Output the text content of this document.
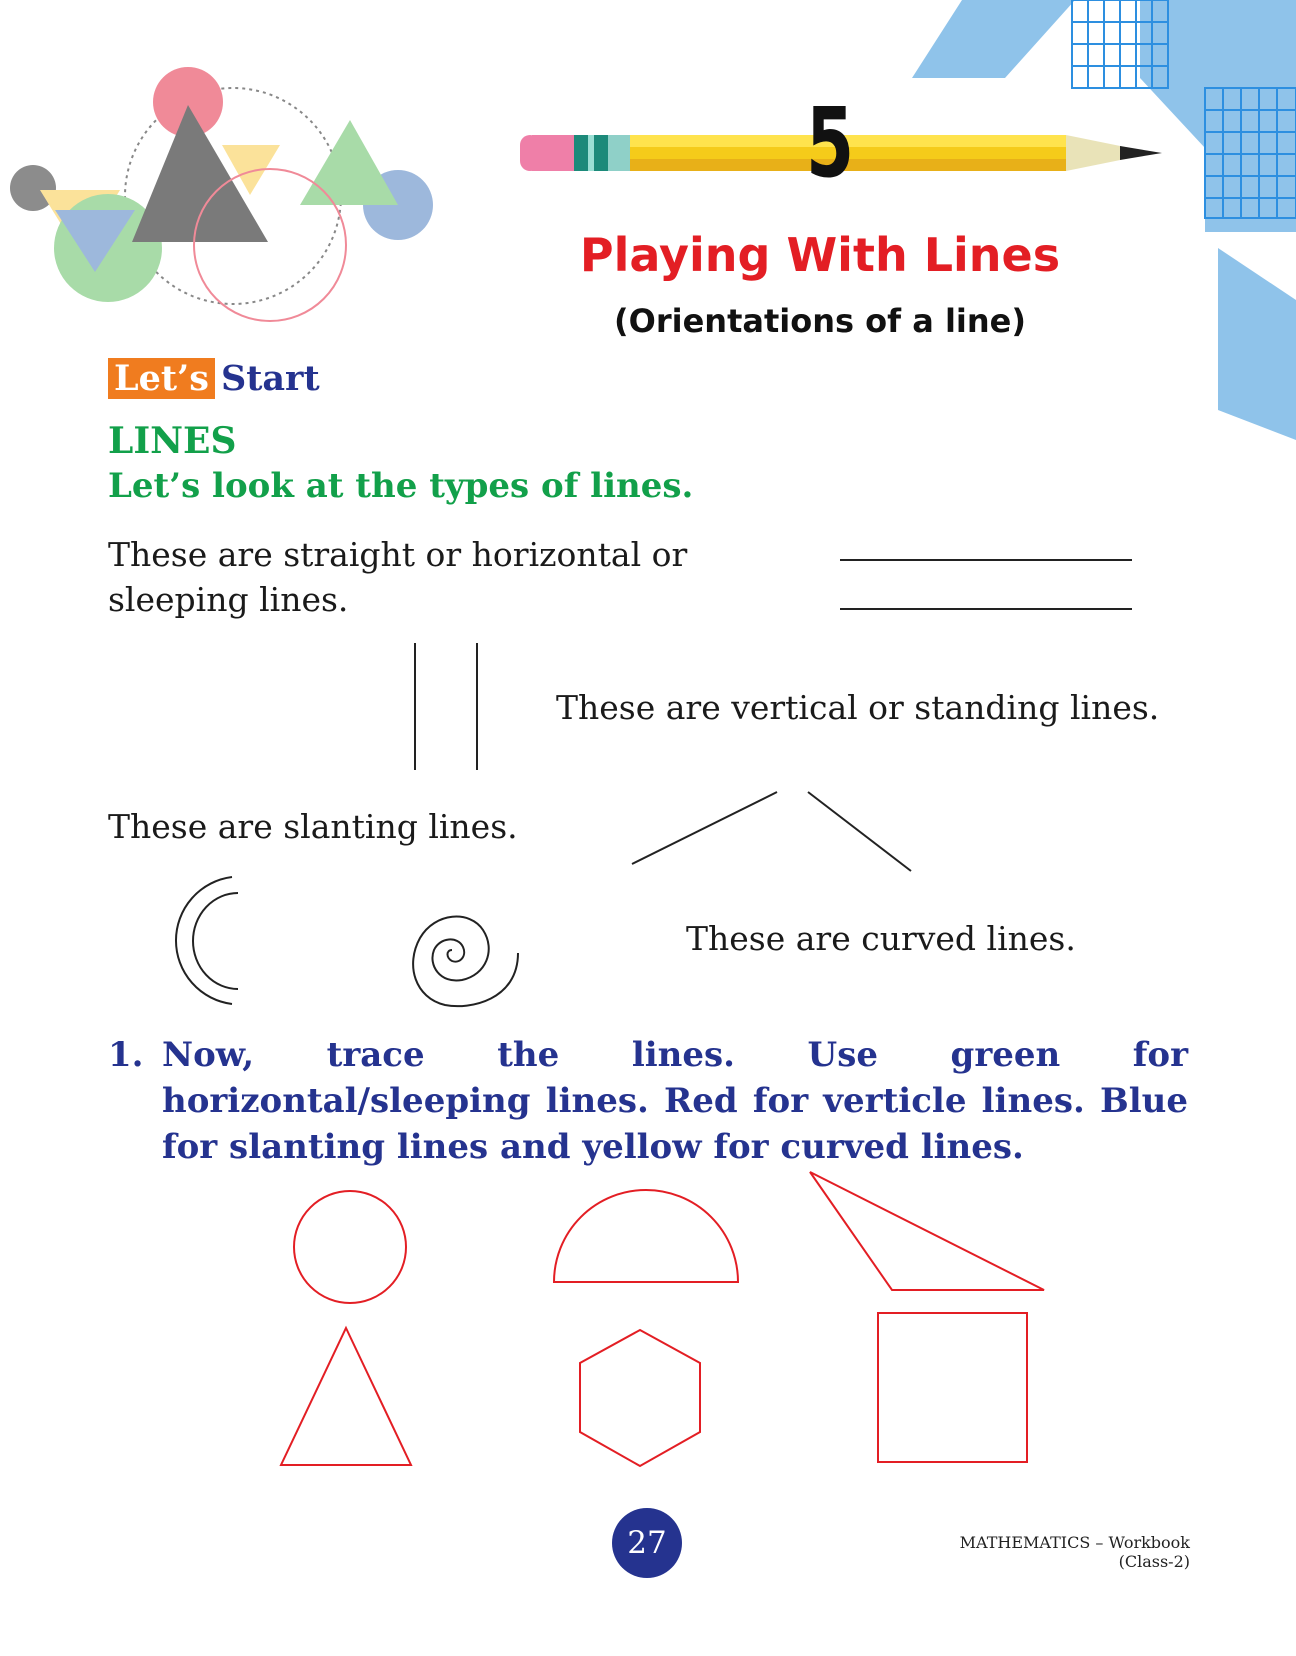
5
Playing With Lines
(Orientations of a line)
Let’s Start
LINES
Let’s look at the types of lines.
These are straight or horizontal or sleeping lines.
These are vertical or standing lines.
These are slanting lines.
These are curved lines.
1. Now, trace the lines. Use green for horizontal/sleeping lines. Red for verticle lines. Blue for slanting lines and yellow for curved lines.
27	MATHEMATICS – Workbook (Class-2)
